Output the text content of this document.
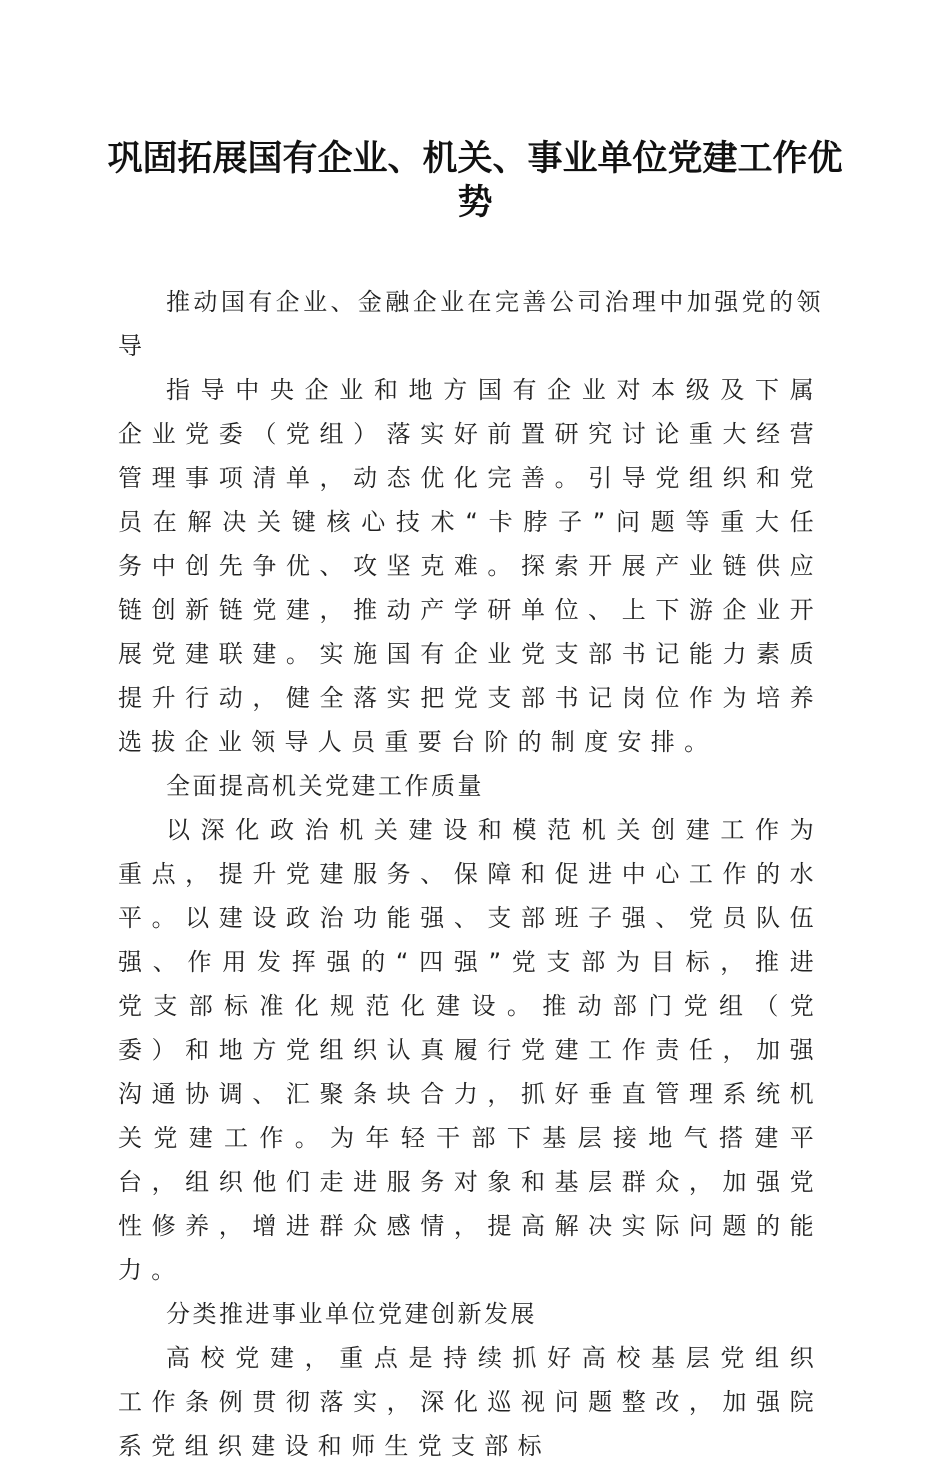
巩固拓展国有企业、机关、事业单位党建工作优势

推动国有企业、金融企业在完善公司治理中加强党的领导

指导中央企业和地方国有企业对本级及下属企业党委（党组）落实好前置研究讨论重大经营管理事项清单，动态优化完善。引导党组织和党员在解决关键核心技术“卡脖子”问题等重大任务中创先争优、攻坚克难。探索开展产业链供应链创新链党建，推动产学研单位、上下游企业开展党建联建。实施国有企业党支部书记能力素质提升行动，健全落实把党支部书记岗位作为培养选拔企业领导人员重要台阶的制度安排。

全面提高机关党建工作质量

以深化政治机关建设和模范机关创建工作为重点，提升党建服务、保障和促进中心工作的水平。以建设政治功能强、支部班子强、党员队伍强、作用发挥强的“四强”党支部为目标，推进党支部标准化规范化建设。推动部门党组（党委）和地方党组织认真履行党建工作责任，加强沟通协调、汇聚条块合力，抓好垂直管理系统机关党建工作。为年轻干部下基层接地气搭建平台，组织他们走进服务对象和基层群众，加强党性修养，增进群众感情，提高解决实际问题的能力。

分类推进事业单位党建创新发展

高校党建，重点是持续抓好高校基层党组织工作条例贯彻落实，深化巡视问题整改，加强院系党组织建设和师生党支部标
